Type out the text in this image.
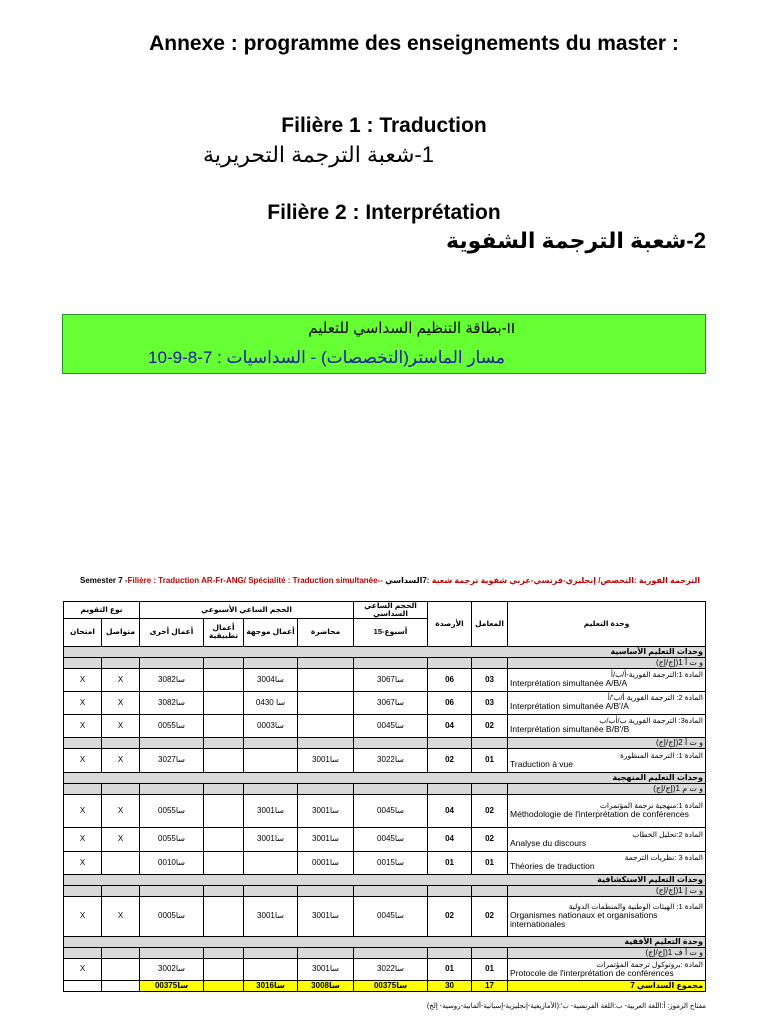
Annexe : programme des enseignements du master :
Filière 1 : Traduction
1-شعبة الترجمة التحريرية
Filière 2 : Interprétation
2-شعبة الترجمة الشفوية
II-بطاقة التنظيم السداسي للتعليم
مسار الماستر(التخصصات) - السداسيات : 7-8-9-10
Semester 7 -Filière : Traduction AR-Fr-ANG/ Spécialité : Traduction simultanée-- الترجمة الفورية :التخصص/ إنجليزي-فرنسي-عربي شفوية ترجمة شعبة :7السداسي
نوع التقويم		الحجم الساعي الأسبوعي				الحجم الساعي السداسي	الأرصدة	المعامل	وحدة التعليم
امتحان	متواصل	أعمال أخرى	أعمال تطبيقية	أعمال موجهة	محاضرة	15-أسبوع			
وحدات التعليم الأساسية									
									و ت أ 1(إج/إج)
X	X	30سا82		30سا04		30سا67	06	03	المادة 1:الترجمة الفورية-أ/ب/أ
Interprétation simultanée A/B/A

X	X	30سا82		04سا 30		30سا67	06	03	المادة 2: الترجمة الفورية أ/ب'/أ
Interprétation simultanée A/B'/A

X	X	00سا55		00سا03		00سا45	04	02	المادة3: الترجمة الفورية ب/أب/ب
Interprétation simultanée B/B'/B

									و ت أ 2(إج/إج)
X	X	30سا27			30سا01	30سا22	02	01	المادة 1: الترجمة المنظورة
Traduction à vue

وحدات التعليم المنهجية									
									و ت م 1(إج/إج)
X	X	00سا55		30سا01	30سا01	00سا45	04	02	المادة 1:منهجية ترجمة المؤتمرات
Méthodologie de l'interprétation de conférences

X	X	00سا55		30سا01	30سا01	00سا45	04	02	المادة 2:تحليل الخطاب
Analyse du discours

X		00سا10			00سا01	00سا15	01	01	المادة 3 :نظريات الترجمة
Théories de traduction

وحدات التعليم الاستكشافية									
									و ت إ 1(إج/إج)
X	X	00سا05		30سا01	30سا01	00سا45	02	02	المادة 1: الهيئات الوطنية والمنظمات الدولية
Organismes nationaux et organisations internationales

وحدة التعليم الأفقية									
									و ت أ ف 1(إج/إج)
X		30سا02			30سا01	30سا22	01	01	المادة :بروتوكول ترجمة المؤتمرات
Protocole de l'interprétation de conférences

		00سا375		30سا16	30سا08	00سا375	30	17	مجموع السداسي 7
مفتاح الرموز: أ:اللغة العربية- ب:اللغة الفرنسية- ب':(الأمازيغية-إنجليزية-إسبانية-ألمانية-روسية- إلخ)
